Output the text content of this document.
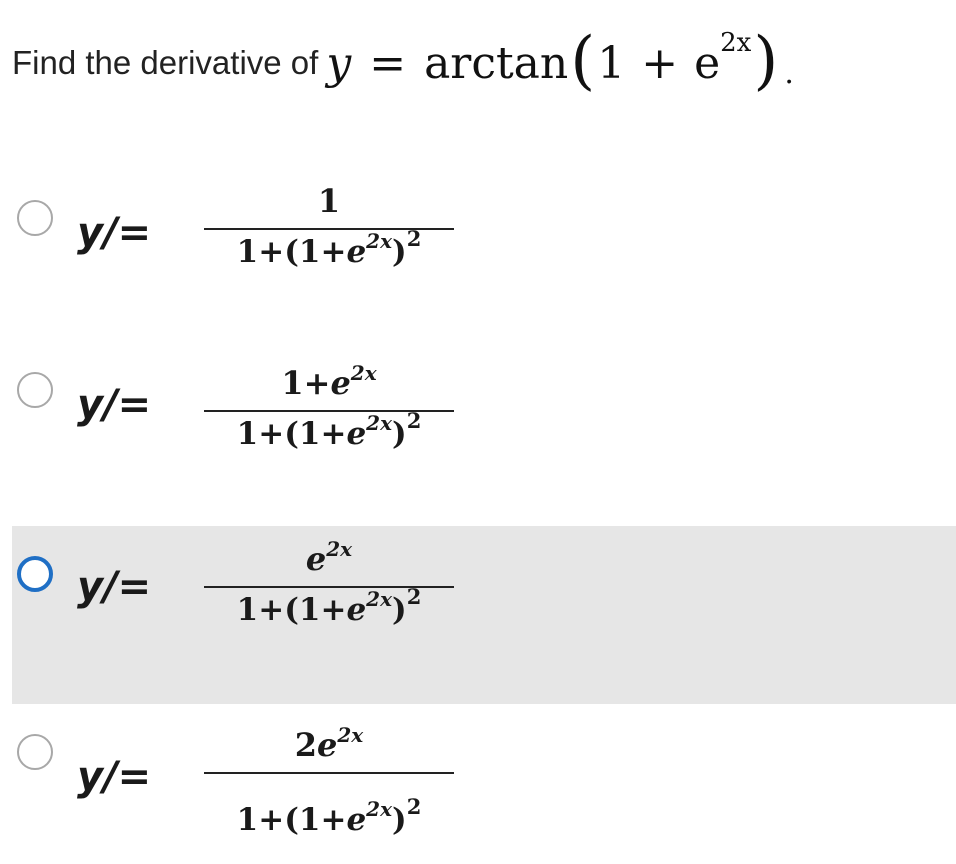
Find the derivative of y = arctan ( 1 + e 2x ) .
y/=
1
$1+(1+e^{2x})^2$
y/=	$1+e^{2x}$
$1+(1+e^{2x})^2$
y/=
$e^{2x}$
$1+(1+e^{2x})^2$
y/=
$2e^{2x}$
$1+(1+e^{2x})^2$
